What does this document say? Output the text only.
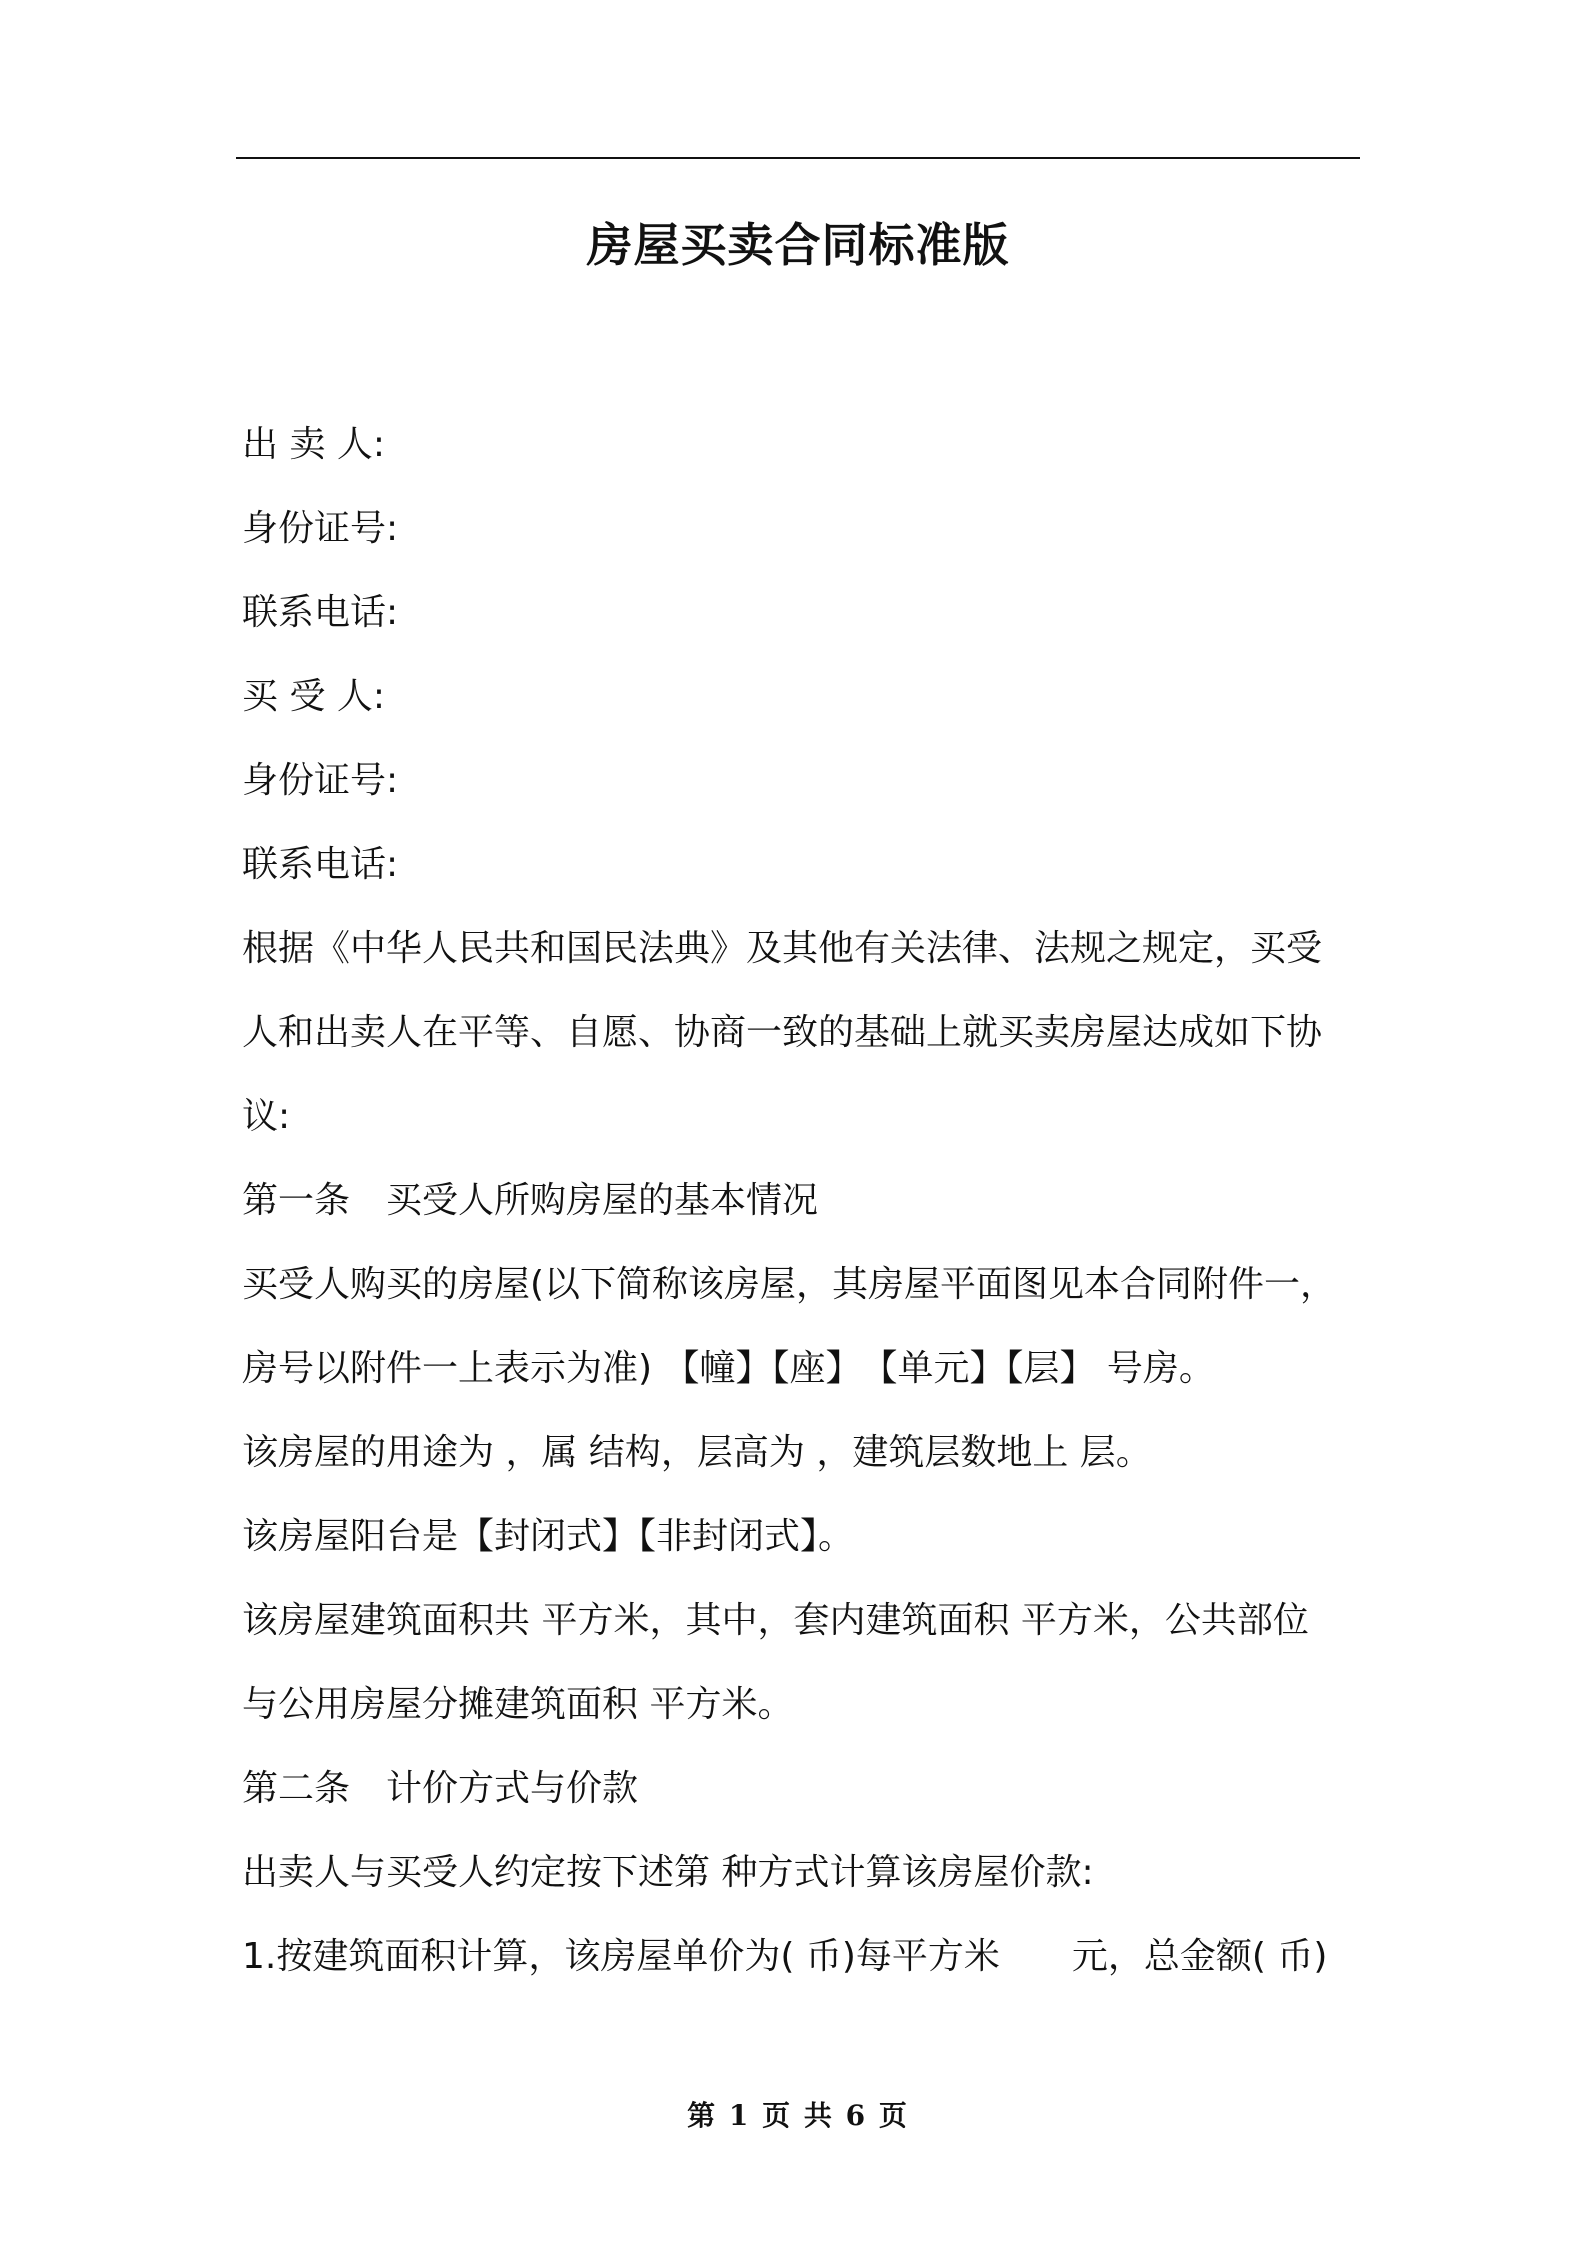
房屋买卖合同标准版
出 卖 人:
身份证号:
联系电话:
买 受 人:
身份证号:
联系电话:
根据《中华人民共和国民法典》及其他有关法律、法规之规定，买受
人和出卖人在平等、自愿、协商一致的基础上就买卖房屋达成如下协
议:
第一条　买受人所购房屋的基本情况
买受人购买的房屋(以下简称该房屋，其房屋平面图见本合同附件一，
房号以附件一上表示为准) 【幢】【座】　【单元】【层】 号房。
该房屋的用途为 ，属 结构，层高为 ，建筑层数地上 层。
该房屋阳台是【封闭式】【非封闭式】。
该房屋建筑面积共 平方米，其中，套内建筑面积 平方米，公共部位
与公用房屋分摊建筑面积 平方米。
第二条　计价方式与价款
出卖人与买受人约定按下述第 种方式计算该房屋价款:
1.按建筑面积计算，该房屋单价为( 币)每平方米　　元，总金额( 币)
第 1 页 共 6 页
